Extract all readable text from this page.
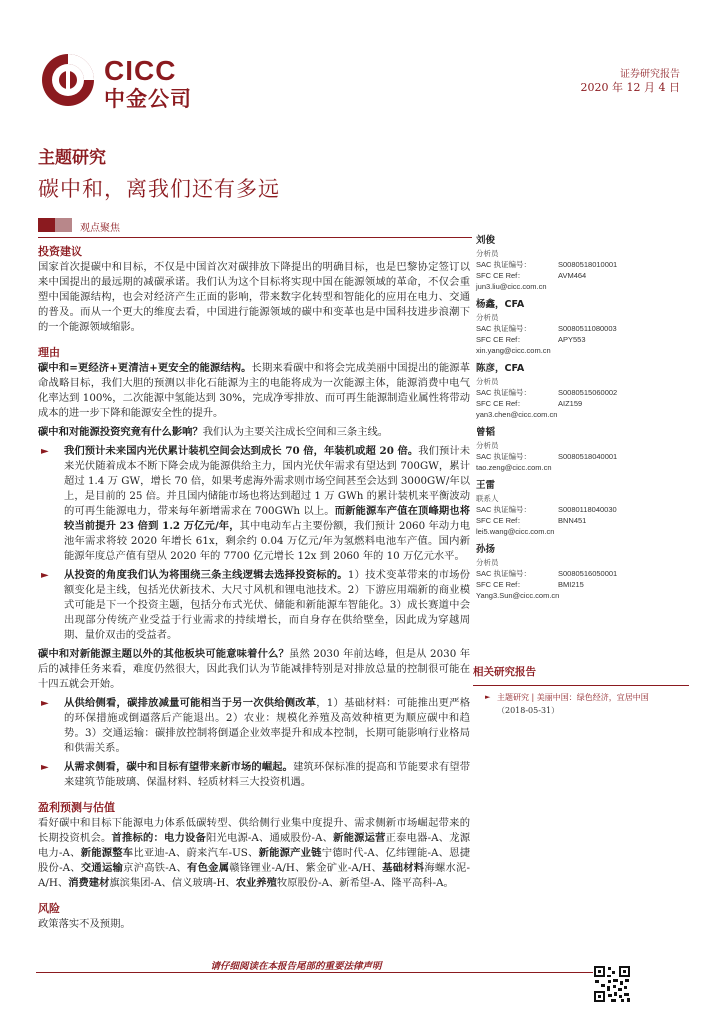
CICC
中金公司
证券研究报告
2020 年 12 月 4 日
主题研究
碳中和，离我们还有多远
观点聚焦
投资建议
国家首次提碳中和目标，不仅是中国首次对碳排放下降提出的明确目标，也是巴黎协定签订以来中国提出的最远期的减碳承诺。我们认为这个目标将实现中国在能源领域的革命，不仅会重塑中国能源结构，也会对经济产生正面的影响，带来数字化转型和智能化的应用在电力、交通的普及。而从一个更大的维度去看，中国进行能源领域的碳中和变革也是中国科技进步浪潮下的一个能源领域缩影。
理由
碳中和=更经济+更清洁+更安全的能源结构。长期来看碳中和将会完成美丽中国提出的能源革命战略目标，我们大胆的预测以非化石能源为主的电能将成为一次能源主体，能源消费中电气化率达到 100%，二次能源中氢能达到 30%，完成净零排放、而可再生能源制造业属性将带动成本的进一步下降和能源安全性的提升。
碳中和对能源投资究竟有什么影响？我们认为主要关注成长空间和三条主线。
► 我们预计未来国内光伏累计装机空间会达到成长 70 倍，年装机或超 20 倍。我们预计未来光伏随着成本不断下降会成为能源供给主力，国内光伏年需求有望达到 700GW，累计超过 1.4 万 GW，增长 70 倍，如果考虑海外需求则市场空间甚至会达到 3000GW/年以上，是目前的 25 倍。并且国内储能市场也将达到超过 1 万 GWh 的累计装机来平衡波动的可再生能源电力，带来每年新增需求在 700GWh 以上。而新能源车产值在顶峰期也将较当前提升 23 倍到 1.2 万亿元/年，其中电动车占主要份额，我们预计 2060 年动力电池年需求将较 2020 年增长 61x，剩余约 0.04 万亿元/年为氢燃料电池车产值。国内新能源年度总产值有望从 2020 年的 7700 亿元增长 12x 到 2060 年的 10 万亿元水平。
► 从投资的角度我们认为将围绕三条主线逻辑去选择投资标的。1）技术变革带来的市场份额变化是主线，包括光伏新技术、大尺寸风机和锂电池技术。2）下游应用端新的商业模式可能是下一个投资主题，包括分布式光伏、储能和新能源车智能化。3）成长赛道中会出现部分传统产业受益于行业需求的持续增长，而自身存在供给壁垒，因此成为穿越周期、量价双击的受益者。
碳中和对新能源主题以外的其他板块可能意味着什么？虽然 2030 年前达峰，但是从 2030 年后的减排任务来看，难度仍然很大，因此我们认为节能减排特别是对排放总量的控制很可能在十四五就会开始。
► 从供给侧看，碳排放减量可能相当于另一次供给侧改革，1）基础材料：可能推出更严格的环保措施或倒逼落后产能退出。2）农业：规模化养殖及高效种植更为顺应碳中和趋势。3）交通运输：碳排放控制将倒逼企业效率提升和成本控制，长期可能影响行业格局和供需关系。
► 从需求侧看，碳中和目标有望带来新市场的崛起。建筑环保标准的提高和节能要求有望带来建筑节能玻璃、保温材料、轻质材料三大投资机遇。
盈利预测与估值
看好碳中和目标下能源电力体系低碳转型、供给侧行业集中度提升、需求侧新市场崛起带来的长期投资机会。首推标的：电力设备阳光电源-A、通威股份-A、新能源运营正泰电器-A、龙源电力-A、新能源整车比亚迪-A、蔚来汽车-US、新能源产业链宁德时代-A、亿纬锂能-A、恩捷股份-A、交通运输京沪高铁-A、有色金属赣锋锂业-A/H、紫金矿业-A/H、基础材料海螺水泥-A/H、消费建材旗滨集团-A、信义玻璃-H、农业养殖牧原股份-A、新希望-A、隆平高科-A。
风险
政策落实不及预期。
刘俊
分析员
SAC 执证编号：	S0080518010001
SFC CE Ref：	AVM464
jun3.liu@cicc.com.cn
杨鑫，CFA
分析员
SAC 执证编号：	S0080511080003
SFC CE Ref：	APY553
xin.yang@cicc.com.cn
陈彦，CFA
分析员
SAC 执证编号：	S0080515060002
SFC CE Ref：	AIZ159
yan3.chen@cicc.com.cn
曾韬
分析员
SAC 执证编号：	S0080518040001
tao.zeng@cicc.com.cn
王雷
联系人
SAC 执证编号：	S0080118040030
SFC CE Ref：	BNN451
lei5.wang@cicc.com.cn
孙扬
分析员
SAC 执证编号：	S0080516050001
SFC CE Ref：	BMI215
Yang3.Sun@cicc.com.cn
相关研究报告
► 主题研究 | 美丽中国：绿色经济，宜居中国
（2018-05-31）
请仔细阅读在本报告尾部的重要法律声明
